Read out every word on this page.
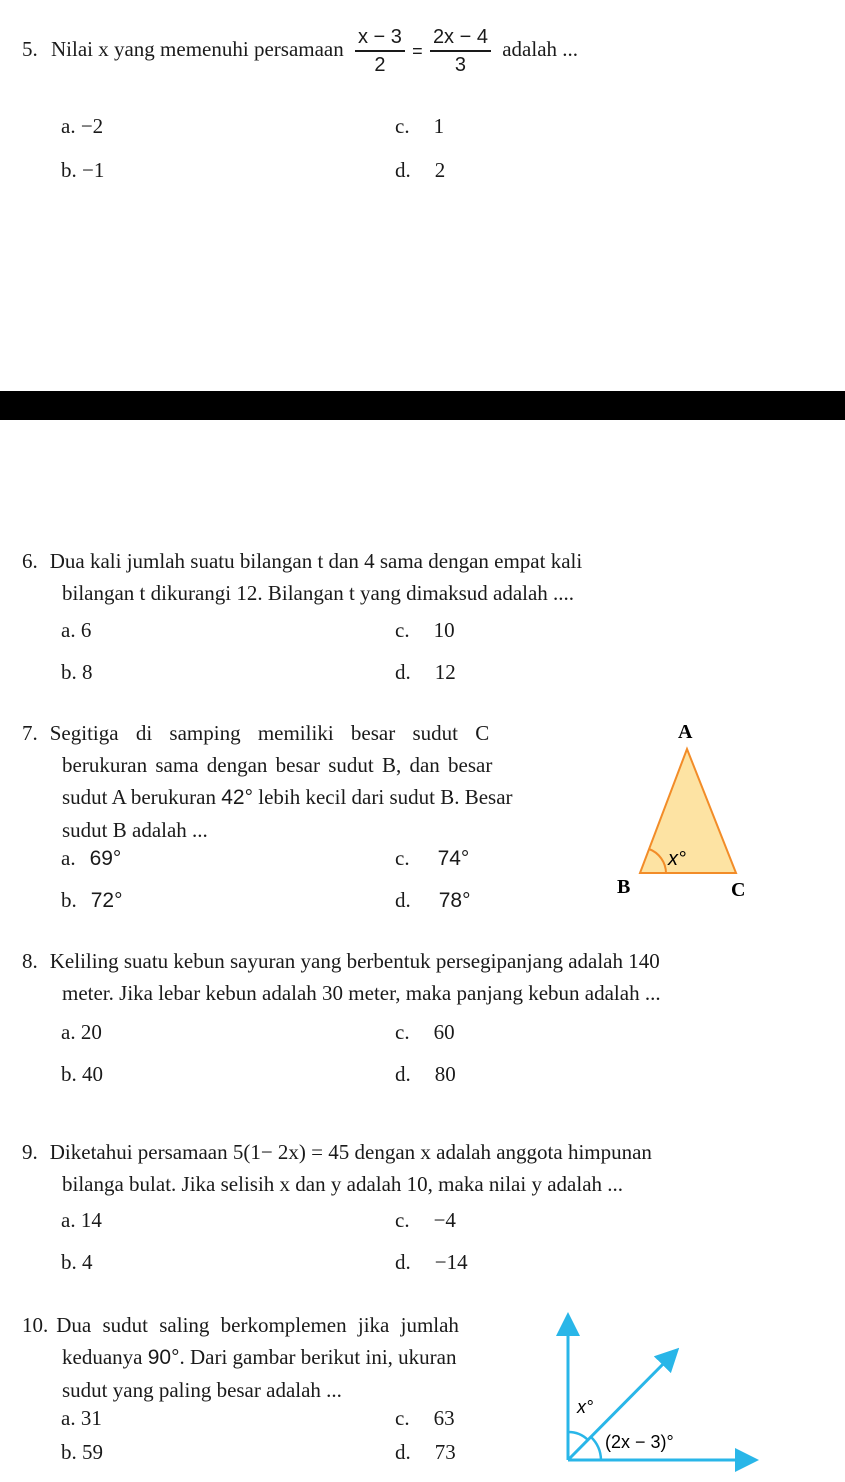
5. Nilai x yang memenuhi persamaan $\frac{x - 3}{2} = \frac{2x - 4}{3}$ adalah ...
a. −2
b. −1
c. 1
d. 2
6. Dua kali jumlah suatu bilangan t dan 4 sama dengan empat kali
bilangan t dikurangi 12. Bilangan t yang dimaksud adalah ....
a. 6
b. 8
c. 10
d. 12
7. Segitiga di samping memiliki besar sudut C
berukuran sama dengan besar sudut B, dan besar
sudut A berukuran 42° lebih kecil dari sudut B. Besar
sudut B adalah ...
a. 69°
b. 72°
c. 74°
d. 78°
A
B	C
x°
8. Keliling suatu kebun sayuran yang berbentuk persegipanjang adalah 140
meter. Jika lebar kebun adalah 30 meter, maka panjang kebun adalah ...
a. 20
b. 40
c. 60
d. 80
9. Diketahui persamaan 5(1− 2x) = 45 dengan x adalah anggota himpunan
bilanga bulat. Jika selisih x dan y adalah 10, maka nilai y adalah ...
a. 14
b. 4
c. −4
d. −14
10. Dua sudut saling berkomplemen jika jumlah
keduanya 90°. Dari gambar berikut ini, ukuran
sudut yang paling besar adalah ...
a. 31
b. 59
c. 63
d. 73
x°
(2x − 3)°
